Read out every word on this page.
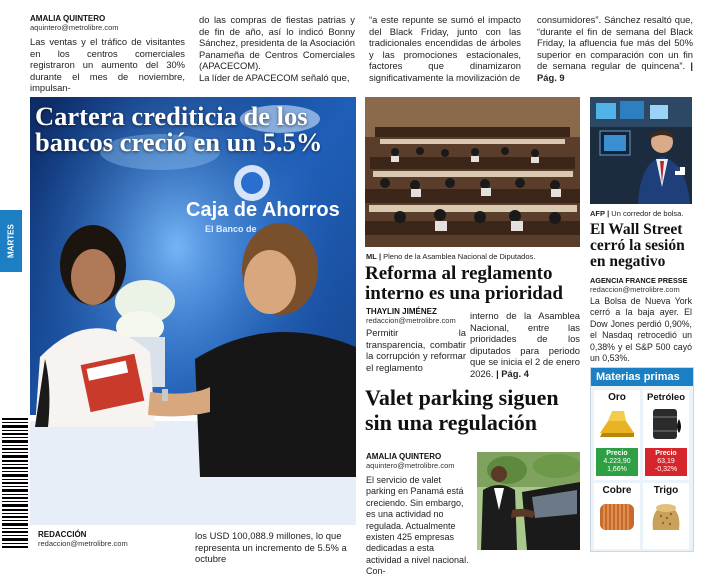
AMALIA QUINTERO
aquintero@metrolibre.com
Las ventas y el tráfico de visitantes en los centros comerciales registraron un aumento del 30% durante el mes de noviembre, impulsan-
do las compras de fiestas patrias y de fin de año, así lo indicó Bonny Sánchez, presidenta de la Asociación Panameña de Centros Comerciales (APACECOM).
La líder de APACECOM señaló que,
“a este repunte se sumó el impacto del Black Friday, junto con las tradicionales encendidas de árboles y las promociones estacionales, factores que dinamizaron significativamente la movilización de
consumidores”. Sánchez resaltó que, “durante el fin de semana del Black Friday, la afluencia fue más del 50% superior en comparación con un fin de semana regular de quincena”. | Pág. 9
MARTES
Cartera crediticia de los bancos creció en un 5.5%
Caja de Ahorros
El Banco de
REDACCIÓN
redaccion@metrolibre.com
los USD 100,088.9 millones, lo que representa un incremento de 5.5% a octubre
ML | Pleno de la Asamblea Nacional de Diputados.
Reforma al reglamento interno es una prioridad
THAYLIN JIMÉNEZ
redaccion@metrolibre.com
Permitir la transparencia, combatir la corrupción y reformar el reglamento
interno de la Asamblea Nacional, entre las prioridades de los diputados para periodo que se inicia el 2 de enero 2026. | Pág. 4
Valet parking siguen sin una regulación
AMALIA QUINTERO
aquintero@metrolibre.com
El servicio de valet parking en Panamá está creciendo. Sin embargo, es una actividad no regulada. Actualmente existen 425 empresas dedicadas a esta actividad a nivel nacional. Con-
AFP | Un corredor de bolsa.
El Wall Street cerró la sesión en negativo
AGENCIA FRANCE PRESSE
redaccion@metrolibre.com
La Bolsa de Nueva York cerró a la baja ayer. El Dow Jones perdió 0,90%, el Nasdaq retrocedió un 0,38% y el S&P 500 cayó un 0,53%.
Materias primas
Oro
Precio
4.223,90
1,66%
Petróleo
Precio
63,19
-0,32%
Cobre	Trigo
